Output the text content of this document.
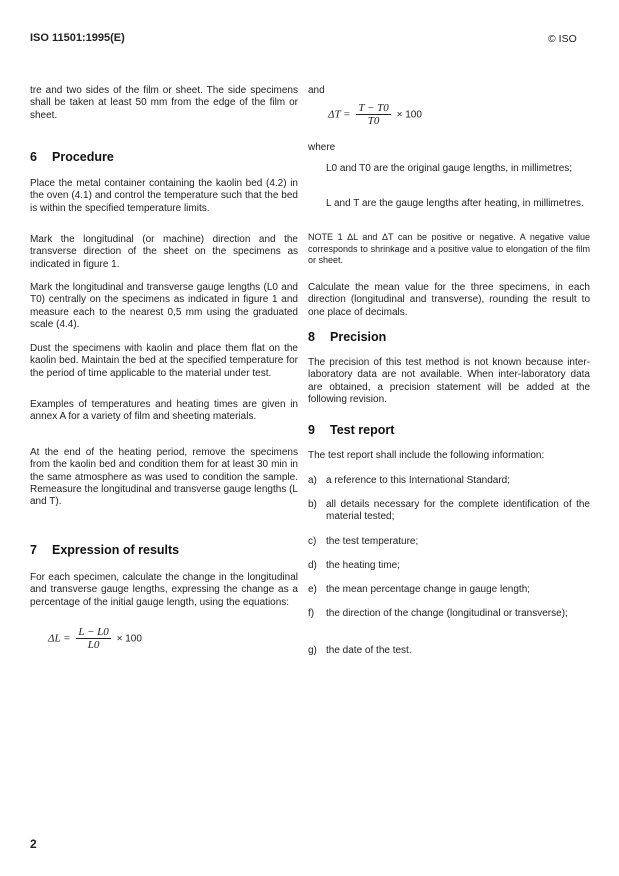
ISO 11501:1995(E)	© ISO

tre and two sides of the film or sheet. The side specimens shall be taken at least 50 mm from the edge of the film or sheet.

6 Procedure

Place the metal container containing the kaolin bed (4.2) in the oven (4.1) and control the temperature such that the bed is within the specified temperature limits.

Mark the longitudinal (or machine) direction and the transverse direction of the sheet on the specimens as indicated in figure 1.

Mark the longitudinal and transverse gauge lengths (L0 and T0) centrally on the specimens as indicated in figure 1 and measure each to the nearest 0,5 mm using the graduated scale (4.4).

Dust the specimens with kaolin and place them flat on the kaolin bed. Maintain the bed at the specified temperature for the period of time applicable to the material under test.

Examples of temperatures and heating times are given in annex A for a variety of film and sheeting materials.

At the end of the heating period, remove the specimens from the kaolin bed and condition them for at least 30 min in the same atmosphere as was used to condition the sample. Remeasure the longitudinal and transverse gauge lengths (L and T).

7 Expression of results

For each specimen, calculate the change in the longitudinal and transverse gauge lengths, expressing the change as a percentage of the initial gauge length, using the equations:

$\Delta L = \frac{L - L0}{L0} \times 100$
and
$\Delta T = \frac{T - T0}{T0} \times 100$
where

L0 and T0 are the original gauge lengths, in millimetres;

L and T are the gauge lengths after heating, in millimetres.

NOTE 1 ΔL and ΔT can be positive or negative. A negative value corresponds to shrinkage and a positive value to elongation of the film or sheet.

Calculate the mean value for the three specimens, in each direction (longitudinal and transverse), rounding the result to one place of decimals.

8 Precision

The precision of this test method is not known because inter-laboratory data are not available. When inter-laboratory data are obtained, a precision statement will be added at the following revision.

9 Test report

The test report shall include the following information:

a) a reference to this International Standard;

b) all details necessary for the complete identification of the material tested;

c) the test temperature;

d) the heating time;

e) the mean percentage change in gauge length;

f) the direction of the change (longitudinal or transverse);

g) the date of the test.

2
